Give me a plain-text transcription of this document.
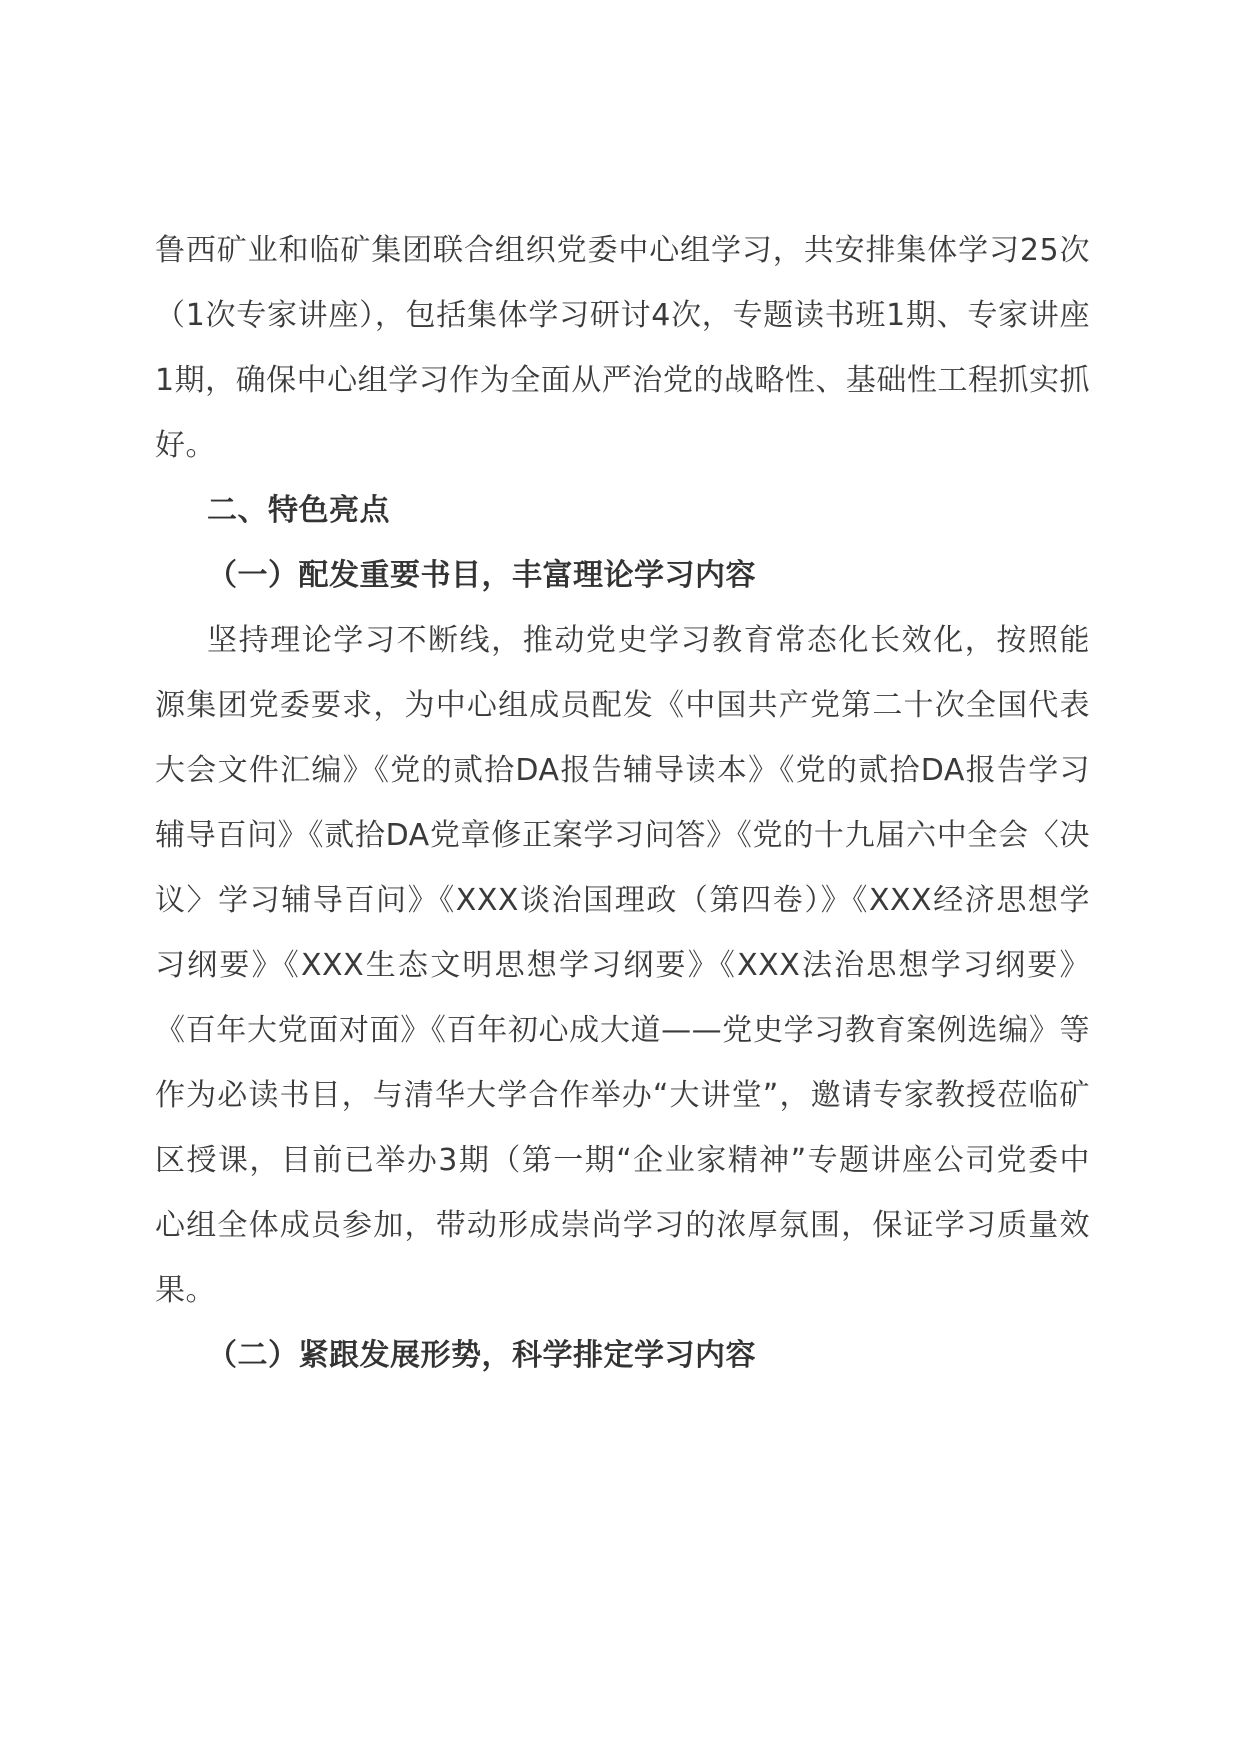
鲁西矿业和临矿集团联合组织党委中心组学习，共安排集体学习25次（1次专家讲座），包括集体学习研讨4次，专题读书班1期、专家讲座1期，确保中心组学习作为全面从严治党的战略性、基础性工程抓实抓好。

二、特色亮点

（一）配发重要书目，丰富理论学习内容

坚持理论学习不断线，推动党史学习教育常态化长效化，按照能源集团党委要求，为中心组成员配发《中国共产党第二十次全国代表大会文件汇编》《党的贰拾DA报告辅导读本》《党的贰拾DA报告学习辅导百问》《贰拾DA党章修正案学习问答》《党的十九届六中全会〈决议〉学习辅导百问》《XXX谈治国理政（第四卷）》《XXX经济思想学习纲要》《XXX生态文明思想学习纲要》《XXX法治思想学习纲要》《百年大党面对面》《百年初心成大道——党史学习教育案例选编》等作为必读书目，与清华大学合作举办“大讲堂”，邀请专家教授莅临矿区授课，目前已举办3期（第一期“企业家精神”专题讲座公司党委中心组全体成员参加，带动形成崇尚学习的浓厚氛围，保证学习质量效果。

（二）紧跟发展形势，科学排定学习内容
